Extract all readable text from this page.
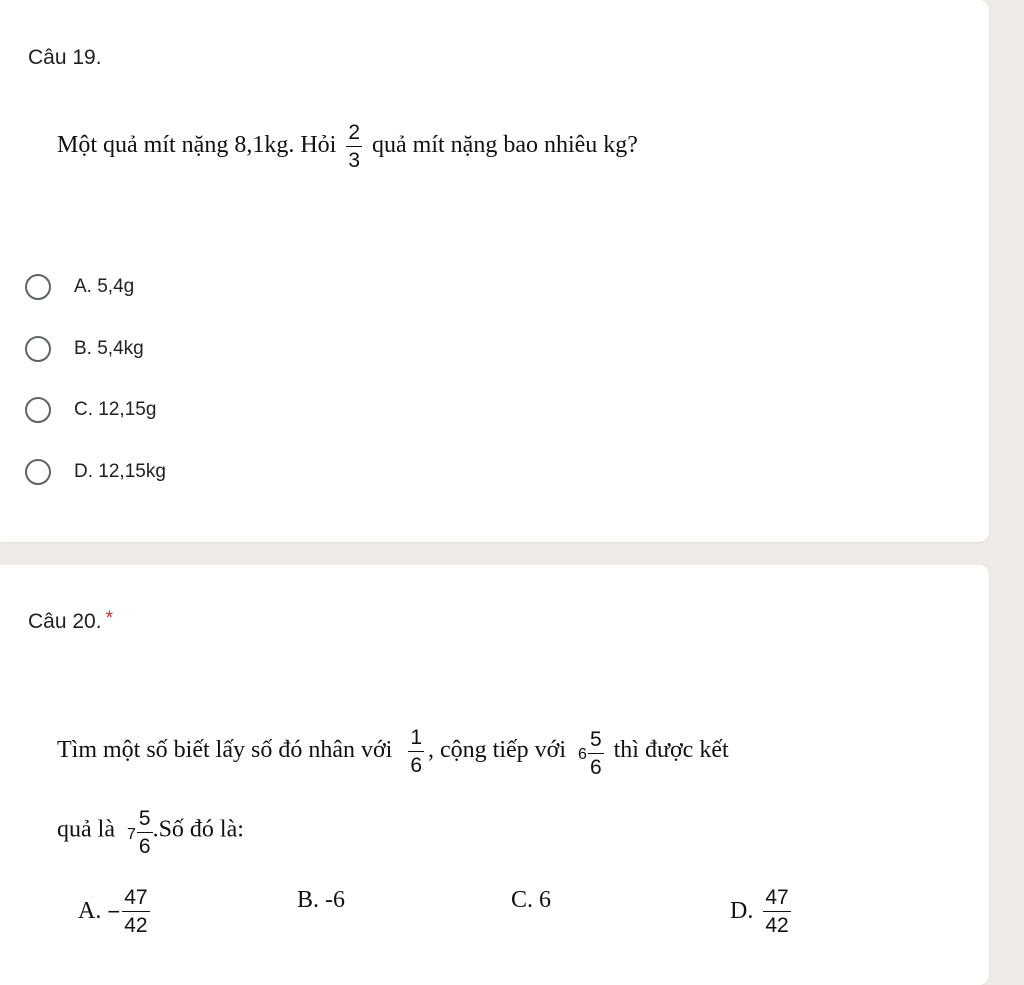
Câu 19.
Một quả mít nặng 8,1kg. Hỏi $\frac{2}{3}$ quả mít nặng bao nhiêu kg?
A. 5,4g
B. 5,4kg
C. 12,15g
D. 12,15kg
Câu 20. *
Tìm một số biết lấy số đó nhân với $\frac{1}{6}$ , cộng tiếp với $6 \frac{5}{6}$ thì được kết
quả là $7 \frac{5}{6}$ .Số đó là:
A. − $\frac{47}{42}$	B. -6	C. 6	D. $\frac{47}{42}$
